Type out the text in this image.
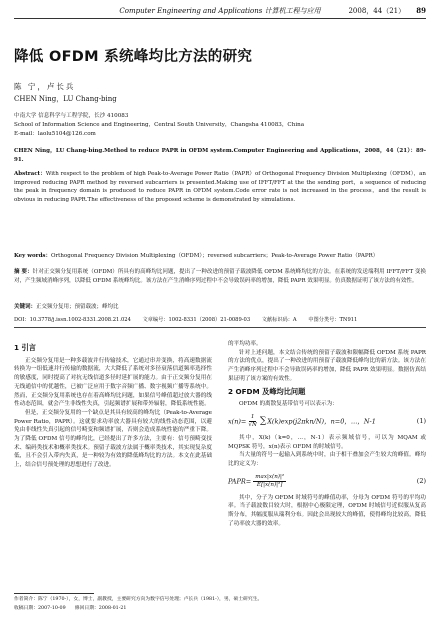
Computer Engineering and Applications 计算机工程与应用	2008，44（21） 89
降低 OFDM 系统峰均比方法的研究
陈 宁，卢长兵
CHEN Ning，LU Chang-bing
中南大学 信息科学与工程学院，长沙 410083
School of Information Science and Engineering，Central South University，Changsha 410083，China
E-mail：laolu5104@126.com
CHEN Ning，LU Chang-bing.Method to reduce PAPR in OFDM system.Computer Engineering and Applications，2008，44（21）：89-91.
Abstract：With respect to the problem of high Peak-to-Average Power Ratio（PAPR）of Orthogonal Frequency Division Multiplexing（OFDM），an improved reducing PAPR method by reversed subcarriers is presented.Making use of IFFT/FFT at the the sending port，a sequence of reducing the peak in frequency domain is produced to reduce PAPR in OFDM system.Code error rate is not increased in the process，and the result is obvious in reducing PAPR.The effectiveness of the proposed scheme is demonstrated by simulations.
Key words：Orthogonal Frequency Division Multiplexing（OFDM）；reversed subcarriers；Peak-to-Average Power Ratio（PAPR）
摘 要：针对正交频分复用系统（OFDM）所具有的高峰均比问题，提出了一种改进的预留子载波降低 OFDM 系统峰均比的方法。在系统的发送端利用 IFFT/FFT 变换对，产生频域消峰序列，以降低 OFDM 系统峰均比。该方法在产生消峰序列过程中不会导致误码率的增加，降低 PAPR 效果明显。仿真数据证明了该方法的有效性。
关键词：正交频分复用；预留载波；峰均比
DOI：10.3778/j.issn.1002-8331.2008.21.024 文章编号：1002-8331（2008）21-0089-03 文献标识码：A 中图分类号：TN911
1 引言

正交频分复用是一种多载波并行传输技术，它通过串并变换，将高速数据流转换为一组低速并行传输的数据流，大大降低了系统对多径衰落信道频率选择性的敏感度，同时提高了对抗无线信道多径时延扩展的能力。由于正交频分复用在无线通信中的优越性，已被广泛应用于数字音频广播、数字视频广播等系统中。然而，正交频分复用系统也存在着高峰均比问题，如果信号峰值超过放大器的线性动态范围，就会产生非线性失真，引起频谱扩展和带外辐射，降低系统性能。

但是，正交频分复用的一个缺点是其具有较高的峰均比（Peak-to-Average Power Ratio，PAPR）。这就要求功率放大器具有较大的线性动态范围，以避免由非线性失真引起的信号畸变和频谱扩展，否则会造成系统性能的严重下降。为了降低 OFDM 信号的峰均比，已经提出了许多方法，主要有：信号预畸变技术、编码类技术和概率类技术。预留子载波方法属于概率类技术，其实现复杂度低，且不会引入带内失真，是一种较为有效的降低峰均比的方法。本文在此基础上，结合信号预处理的思想进行了改进。

的平均功率。

针对上述问题，本文结合传统的预留子载波和限幅降低 OFDM 系统 PAPR 的方法的优点，提出了一种改进的用预留子载波降低峰均比的新方法。该方法在产生消峰序列过程中不会导致误码率的增加，降低 PAPR 效果明显。数据仿真结果证明了该方案的有效性。

2 OFDM 及峰均比问题

OFDM 的离散复基带信号可以表示为：

$x(n)= \frac{1}{√N} \sum X(k)\exp(j2\pi kn/N)$，n=0，…，N-1	(1)

其中，X(k)（k=0，…，N-1）表示频域信号，可以为 MQAM 或 MQPSK 符号，x(n)表示 OFDM 的时域信号。

当大量的符号一起输入到系统中时，由于相干叠加会产生较大的峰值。峰均比的定义为：

PAPR= $\frac{\text{max|x(n)|²}}{\text{E[|x(n)|²]}}$	(2)

其中，分子为 OFDM 时域符号的峰值功率，分母为 OFDM 符号的平均功率。当子载波数目较大时，根据中心极限定理，OFDM 时域信号近似服从复高斯分布，其幅度服从瑞利分布。因此会出现较大的峰值，使得峰均比较高，降低了功率放大器的效率。

作者简介：陈宁（1970-），女，博士，副教授，主要研究方向为数字信号处理；卢长兵（1981-），男，硕士研究生。
收稿日期：2007-10-09 修回日期：2008-01-21
